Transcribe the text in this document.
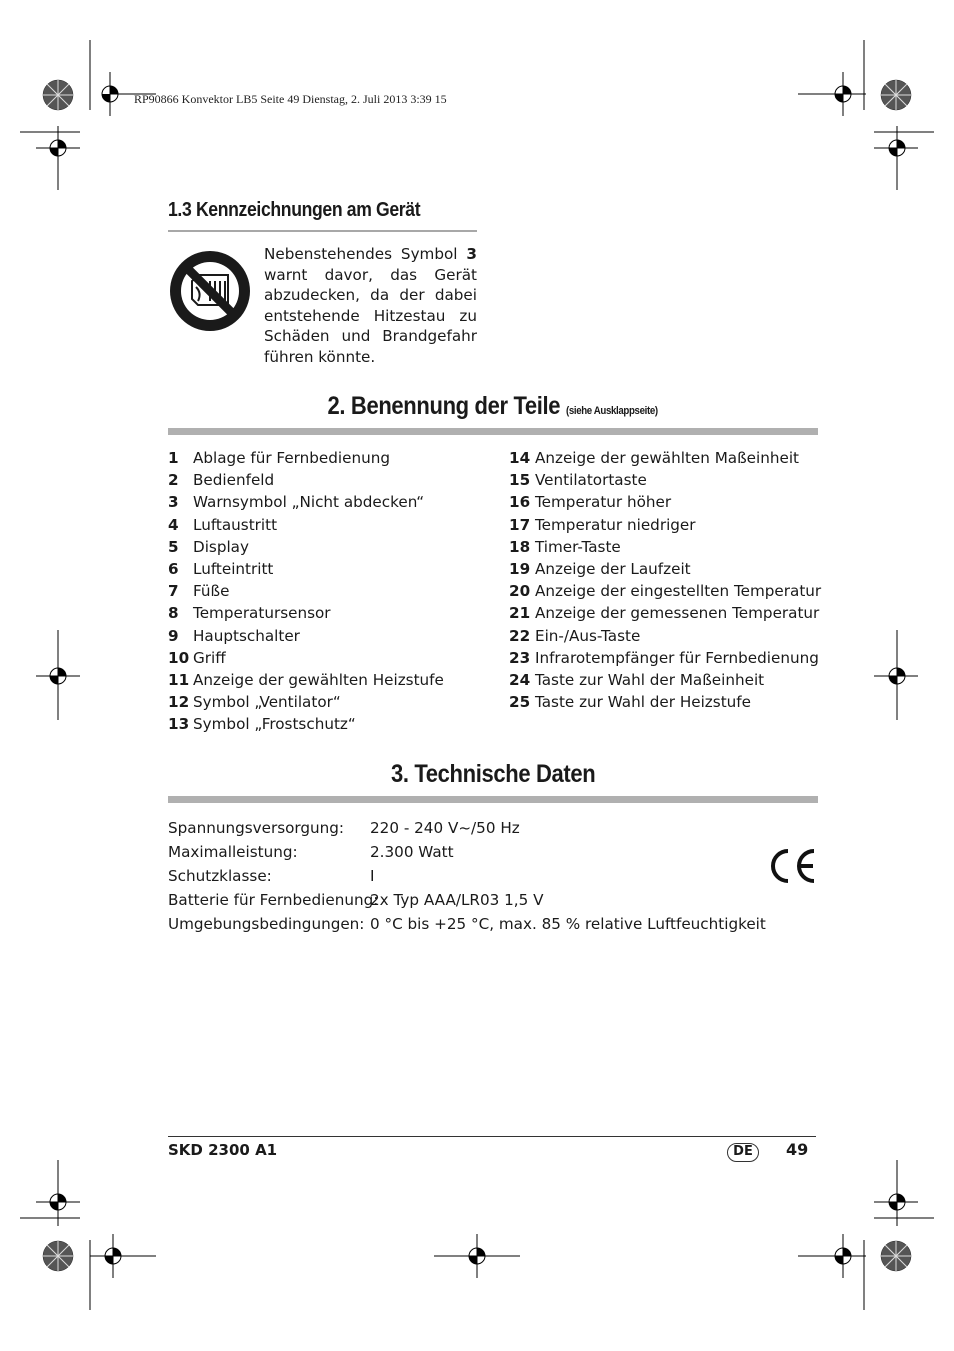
RP90866 Konvektor LB5 Seite 49 Dienstag, 2. Juli 2013 3:39 15
1.3 Kennzeichnungen am Gerät
Nebenstehendes Symbol 3 warnt davor, das Gerät abzudecken, da der dabei entstehende Hitzestau zu Schäden und Brandgefahr führen könnte.
2. Benennung der Teile (siehe Ausklappseite)
1 Ablage für Fernbedienung
2 Bedienfeld
3 Warnsymbol „Nicht abdecken“
4 Luftaustritt
5 Display
6 Lufteintritt
7 Füße
8 Temperatursensor
9 Hauptschalter
10 Griff
11 Anzeige der gewählten Heizstufe
12 Symbol „Ventilator“
13 Symbol „Frostschutz“
14 Anzeige der gewählten Maßeinheit
15 Ventilatortaste
16 Temperatur höher
17 Temperatur niedriger
18 Timer-Taste
19 Anzeige der Laufzeit
20 Anzeige der eingestellten Temperatur
21 Anzeige der gemessenen Temperatur
22 Ein-/Aus-Taste
23 Infrarotempfänger für Fernbedienung
24 Taste zur Wahl der Maßeinheit
25 Taste zur Wahl der Heizstufe
3. Technische Daten
Spannungsversorgung: 220 - 240 V~/50 Hz
Maximalleistung:	2.300 Watt
Schutzklasse:	I
Batterie für Fernbedienung:2x Typ AAA/LR03 1,5 V
Umgebungsbedingungen: 0 °C bis +25 °C, max. 85 % relative Luftfeuchtigkeit
SKD 2300 A1	DE	49
